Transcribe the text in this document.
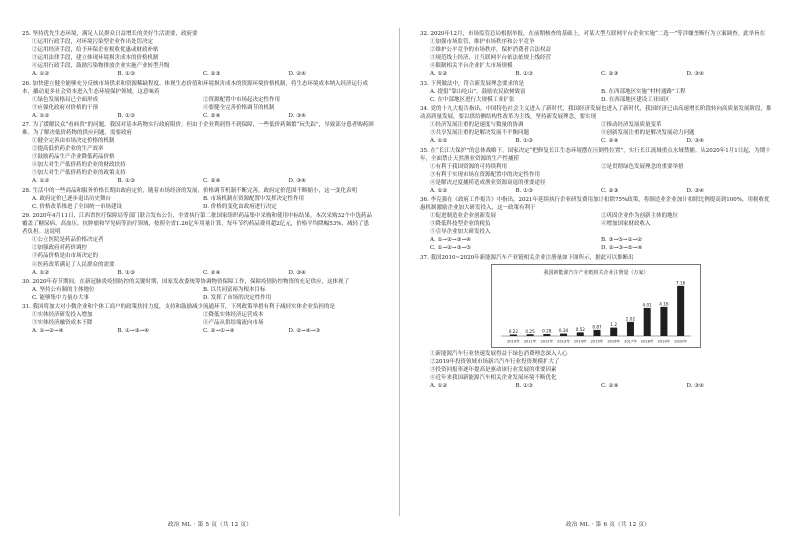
25. 坚持优先生态环境，满足人民群众日益增长的美好生活需要，政府要
①运用行政手段，对环境污染型企业作出处罚决定
②运用经济手段，给予环保企业税收优惠或财政补贴
③运用法律手段，建立体现环境损害成本的价格机制
④运用行政手段，鼓励污染物排放企业实施产业转型升级
A. ①②	B. ①③	C. ②③	D. ②④
26. 加快建立健全能够充分反映市场供求和资源稀缺程度、体现生态价值和环境损害成本的资源环境价格机制，将生态环境成本纳入经济运行成本，撬动更多社会资本进入生态环境保护领域，这意味着
①绿色发展格局已全面形成	②资源配置中市场起决定性作用
③应强化政府对价格的干预	④要健全完善价格调节的机制
A. ①②	B. ①③	C. ②④	D. ③④
27. 为了缓解民众“看病贵”的问题，我国对基本药物实行政府限价，但由于企业利润得不到保障，一些低价药频繁“玩失踪”，导致部分患者购药困难。为了解决低价药物的供应问题，需要政府
①健全完善由市场决定价格的机制
②提高低价药企业的生产效率
③鼓励药品生产企业降低药品价格
④加大对生产低价药的企业的财政扶持
⑤加大对生产低价药的企业的政策支持
A. ①②	B. ①③	C. ②④	D. ③④
28. 生活中的一些商品和服务价格长期由政府定价，随着市场经济的发展，价格调节机制不断完善，政府定价范围不断缩小，这一变化表明
A. 政府定价已逐步退出历史舞台	B. 市场机制在资源配置中发挥决定性作用
C. 价格改革推进了全国统一市场建设	D. 价格的变化由政府进行决定
29. 2020年4月11日，江西省医疗保障局等部门联合发布公告，全省执行第二批国家组织药品集中采购和使用中标结果。本次采购32个中选药品覆盖了糖尿病、高血压、抗肿瘤和罕见病等治疗领域，按照全省1.26亿年用量计算，每年节约药品费用超2亿元，价格平均降幅53%，减轻了患者负担。这说明
①公立医院是药品价格决定者
②加强政府对药价调控
③药品价格是由市场决定的
④医药改革满足了人民群众的需要
A. ①②	B. ①③	C. ②④	D. ③④
30. 2020年春节期间，在新冠肺炎疫情防控的关键时期，国家发改委统筹协调物资保障工作，保障疫情防控物资的充足供应，这体现了
A. 坚持公有制的主体地位	B. 以共同富裕为根本目标
C. 能够集中力量办大事	D. 发挥了市场的决定性作用
31. 我国将加大对小微企业和个体工商户的政策扶持力度，支持和鼓励减少流通环节，下列政策举措有利于减轻实体企业负担的是
①实体经济研发投入增加	②降低实体经济运营成本
③实体经济融资成本下降	④产品从供给端流向市场
A. ①→②→④	B. ①→③→④	C. ②→①→④	D. ②→④→③
32. 2020年12月，市场监管总局根据举报，在前期核查的基础上，对某大型互联网平台企业实施“二选一”等涉嫌垄断行为立案调查。此举旨在
①加强市场监管，维护市场秩序和公平竞争
②维护公平竞争的市场秩序，保护消费者合法权益
③规范线上经济，让互联网平台依法依规上线经营
④限制相关平台企业扩大市场规模
A. ①②	B. ①③	C. ②③	D. ③④
33. 下列做法中，符合新发展理念要求的是
A. 提倡“靠山吃山”，鼓励农民砍树致富	B. 在西部地区实施“村村通路”工程
C. 在中部地区进行大规模工业扩张	D. 在西部地区建设工业园区
34. 党的十九大报告指出，中国特色社会主义进入了新时代，我国经济发展也进入了新时代，我国经济已由高速增长阶段转向高质量发展阶段，推动高质量发展，要以供给侧结构性改革为主线，坚持新发展理念，要实现
①经济发展注重的是速度与数量的协调	②推动经济发展质量变革
③共享发展注重的是解决发展不平衡问题	④创新发展注重的是解决发展动力问题
A. ①②	B. ①③	C. ②④	D. ③④
35. 在“长江大保护”的总体战略下，国家决定“把修复长江生态环境摆在压倒性位置”，实行长江流域重点水域禁捕。从2020年1月1日起，为期十年，全面禁止天然渔业资源的生产性捕捞
①有利于我国资源的可持续利用	②是贯彻绿色发展理念的重要举措
③有利于实现市场在资源配置中的决定性作用
④是解决过度捕捞造成渔业资源衰退的重要途径
A. ①②	B. ①③	C. ②③	D. ③④
36. 李克强在《政府工作报告》中指出，2021年延续执行企业研发费用加计扣除75%政策，将制造业企业加计扣除比例提高到100%，用税收优惠机制激励企业加大研发投入，这一政策有利于
①促进制造业企业创新发展	②巩固企业作为创新主体的地位
③降低科技型企业的税负	④增加国家财政收入
⑤引导企业加大研发投入
A. ①→②→③→④	B. ③→⑤→①→②
C. ①→②→③→⑤	D. ②→③→⑤→④
37. 我国2010~2020年新能源汽车产业链相关企业注册量如下图所示，据此可以推断出
我国新能源汽车产业链相关企业注册量（万家）
0.22
2010年
0.25
2011年
0.28
2012年
0.34
2013年
0.52
2014年
0.87
2015年
1.2
2016年
2.02
2017年
4.01
2018年
4.16
2019年
7.16
2020年
①新能源汽车行业快速发展得益于绿色消费理念深入人心
②2019年投资领域市场新兴汽车行业投资规模扩大了
③投资回报率逐年提高是驱动该行业发展的重要因素
④近年来我国新能源汽车相关企业发展环境不断优化
A. ①②	B. ①③	C. ②④	D. ③④
政治 ML · 第 5 页（共 12 页）	政治 ML · 第 6 页（共 12 页）
